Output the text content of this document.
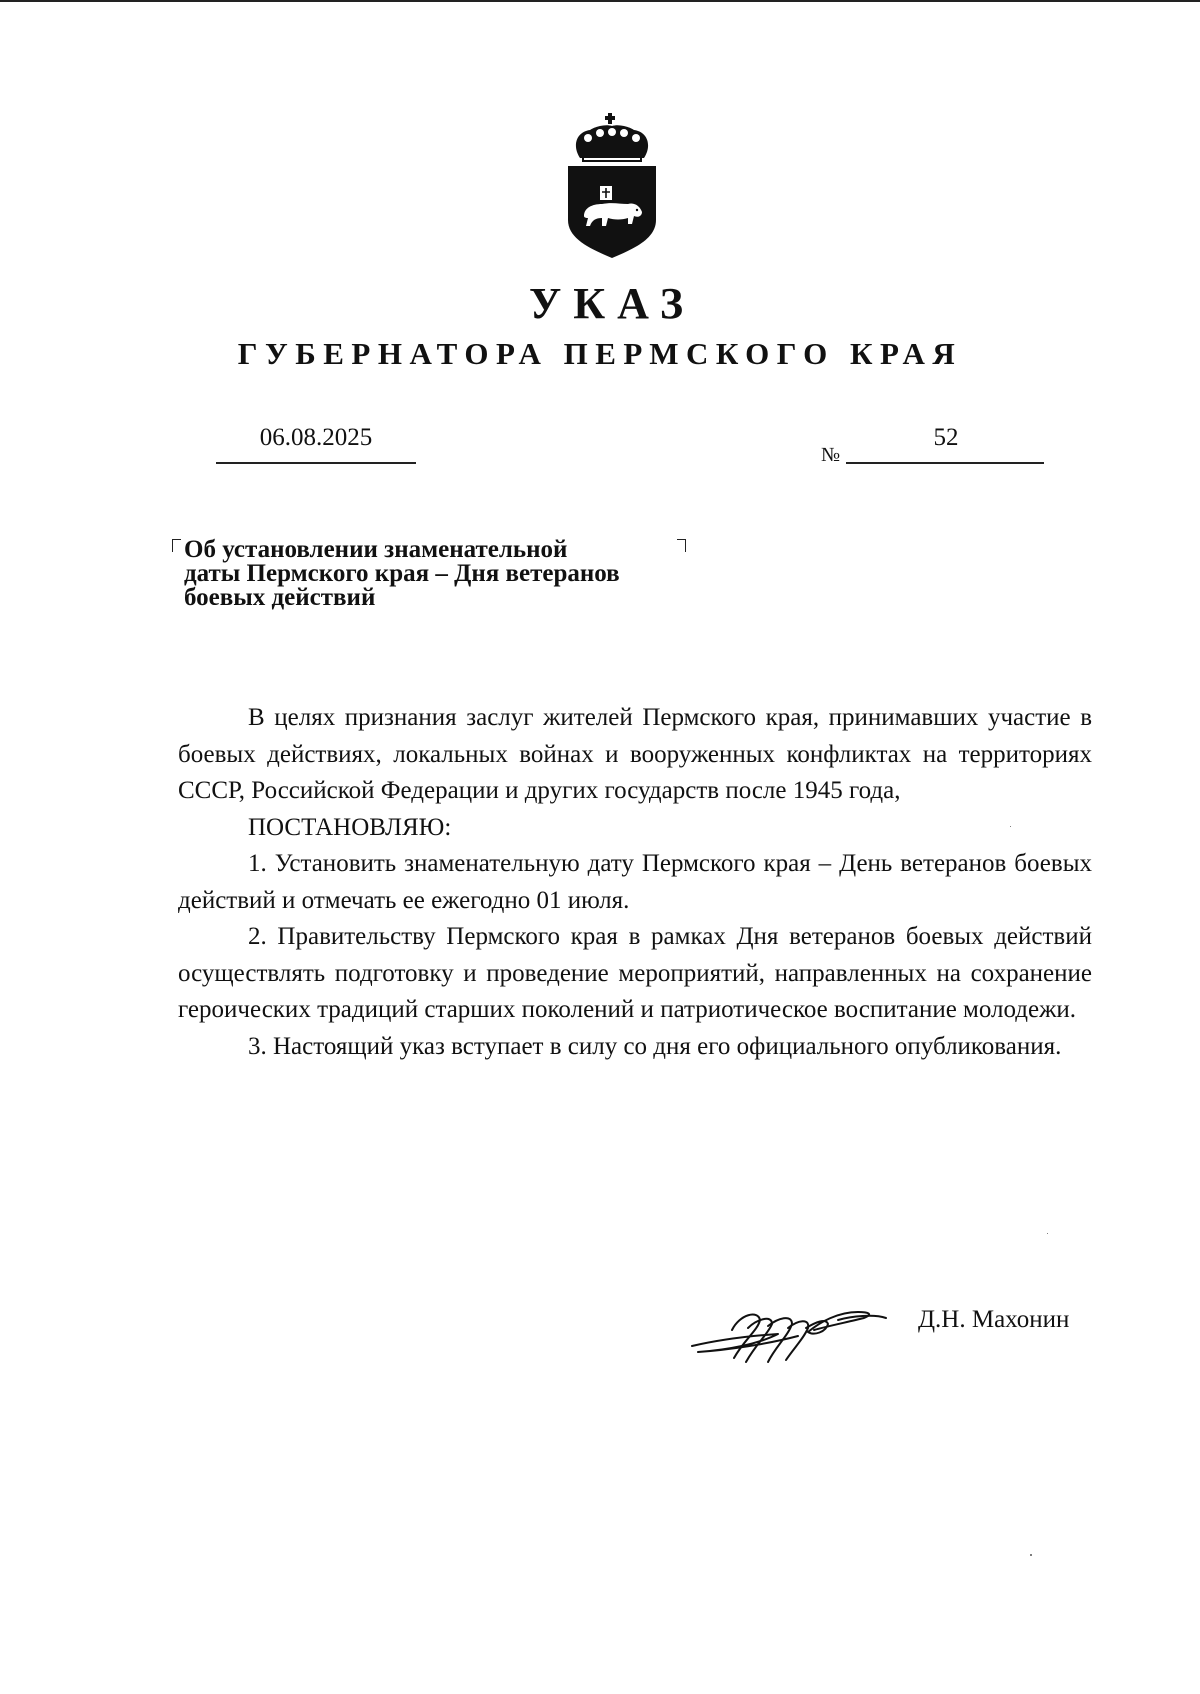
УКАЗ
ГУБЕРНАТОРА ПЕРМСКОГО КРАЯ
06.08.2025
№
52
Об установлении знаменательной
даты Пермского края – Дня ветеранов
боевых действий

В целях признания заслуг жителей Пермского края, принимавших участие в боевых действиях, локальных войнах и вооруженных конфликтах на территориях СССР, Российской Федерации и других государств после 1945 года,

ПОСТАНОВЛЯЮ:

1. Установить знаменательную дату Пермского края – День ветеранов боевых действий и отмечать ее ежегодно 01 июля.

2. Правительству Пермского края в рамках Дня ветеранов боевых действий осуществлять подготовку и проведение мероприятий, направленных на сохранение героических традиций старших поколений и патриотическое воспитание молодежи.

3. Настоящий указ вступает в силу со дня его официального опубликования.

Д.Н. Махонин
